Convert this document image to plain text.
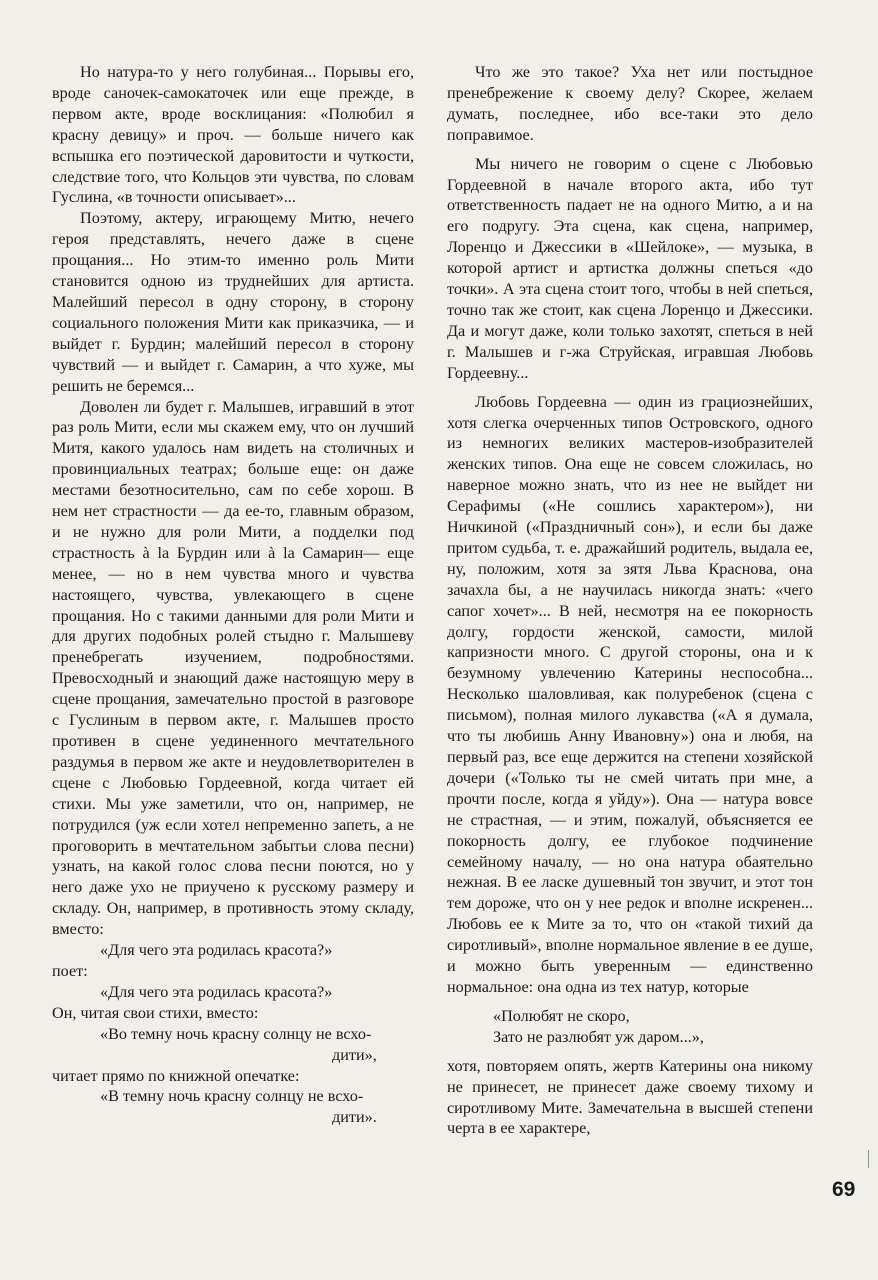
Но натура-то у него голубиная... Порывы его, вроде саночек-самокаточек или еще прежде, в первом акте, вроде восклицания: «Полюбил я красну девицу» и проч. — больше ничего как вспышка его поэтической даровитости и чуткости, следствие того, что Кольцов эти чувства, по словам Гуслина, «в точности описывает»...

Поэтому, актеру, играющему Митю, нечего героя представлять, нечего даже в сцене прощания... Но этим-то именно роль Мити становится одною из труднейших для артиста. Малейший пересол в одну сторону, в сторону социального положения Мити как приказчика, — и выйдет г. Бурдин; малейший пересол в сторону чувствий — и выйдет г. Самарин, а что хуже, мы решить не беремся...

Доволен ли будет г. Малышев, игравший в этот раз роль Мити, если мы скажем ему, что он лучший Митя, какого удалось нам видеть на столичных и провинциальных театрах; больше еще: он даже местами безотносительно, сам по себе хорош. В нем нет страстности — да ее-то, главным образом, и не нужно для роли Мити, а подделки под страстность à la Бурдин или à la Самарин— еще менее, — но в нем чувства много и чувства настоящего, чувства, увлекающего в сцене прощания. Но с такими данными для роли Мити и для других подобных ролей стыдно г. Малышеву пренебрегать изучением, подробностями. Превосходный и знающий даже настоящую меру в сцене прощания, замечательно простой в разговоре с Гуслиным в первом акте, г. Малышев просто противен в сцене уединенного мечтательного раздумья в первом же акте и неудовлетворителен в сцене с Любовью Гордеевной, когда читает ей стихи. Мы уже заметили, что он, например, не потрудился (уж если хотел непременно запеть, а не проговорить в мечтательном забытьи слова песни) узнать, на какой голос слова песни поются, но у него даже ухо не приучено к русскому размеру и складу. Он, например, в противность этому складу, вместо:

«Для чего эта родилась красота?»

поет:

«Для чего эта родилась красота?»

Он, читая свои стихи, вместо:

«Во темну ночь красну солнцу не всхо-

дити»,

читает прямо по книжной опечатке:

«В темну ночь красну солнцу не всхо-

дити».

Что же это такое? Уха нет или постыдное пренебрежение к своему делу? Скорее, желаем думать, последнее, ибо все-таки это дело поправимое.

Мы ничего не говорим о сцене с Любовью Гордеевной в начале второго акта, ибо тут ответственность падает не на одного Митю, а и на его подругу. Эта сцена, как сцена, например, Лоренцо и Джессики в «Шейлоке», — музыка, в которой артист и артистка должны спеться «до точки». А эта сцена стоит того, чтобы в ней спеться, точно так же стоит, как сцена Лоренцо и Джессики. Да и могут даже, коли только захотят, спеться в ней г. Малышев и г-жа Струйская, игравшая Любовь Гордеевну...

Любовь Гордеевна — один из грациознейших, хотя слегка очерченных типов Островского, одного из немногих великих мастеров-изобразителей женских типов. Она еще не совсем сложилась, но наверное можно знать, что из нее не выйдет ни Серафимы («Не сошлись характером»), ни Ничкиной («Праздничный сон»), и если бы даже притом судьба, т. е. дражайший родитель, выдала ее, ну, положим, хотя за зятя Льва Краснова, она зачахла бы, а не научилась никогда знать: «чего сапог хочет»... В ней, несмотря на ее покорность долгу, гордости женской, самости, милой капризности много. С другой стороны, она и к безумному увлечению Катерины неспособна... Несколько шаловливая, как полуребенок (сцена с письмом), полная милого лукавства («А я думала, что ты любишь Анну Ивановну») она и любя, на первый раз, все еще держится на степени хозяйской дочери («Только ты не смей читать при мне, а прочти после, когда я уйду»). Она — натура вовсе не страстная, — и этим, пожалуй, объясняется ее покорность долгу, ее глубокое подчинение семейному началу, — но она натура обаятельно нежная. В ее ласке душевный тон звучит, и этот тон тем дороже, что он у нее редок и вполне искренен... Любовь ее к Мите за то, что он «такой тихий да сиротливый», вполне нормальное явление в ее душе, и можно быть уверенным — единственно нормальное: она одна из тех натур, которые

«Полюбят не скоро,

Зато не разлюбят уж даром...»,

хотя, повторяем опять, жертв Катерины она никому не принесет, не принесет даже своему тихому и сиротливому Мите. Замечательна в высшей степени черта в ее характере,

69
